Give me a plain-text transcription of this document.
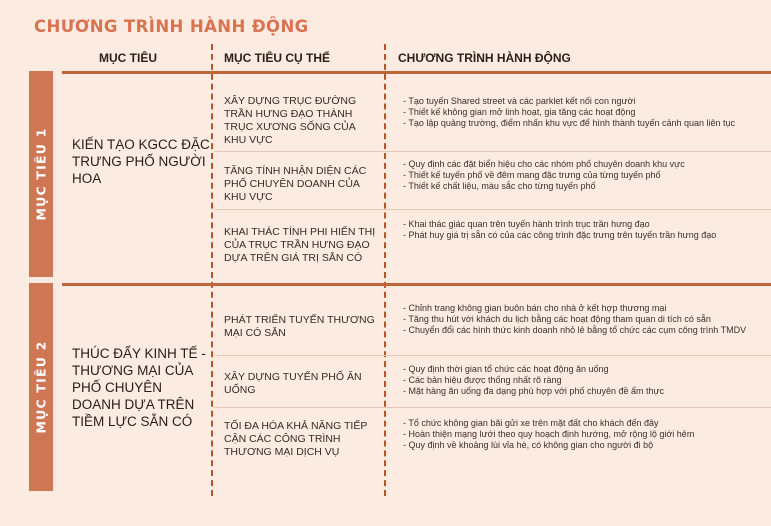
CHƯƠNG TRÌNH HÀNH ĐỘNG
MỤC TIÊU	MỤC TIÊU CỤ THỂ	CHƯƠNG TRÌNH HÀNH ĐỘNG
MỤC TIÊU 1 KIẾN TẠO KGCC ĐẶC TRƯNG PHỐ NGƯỜI HOA
XÂY DỰNG TRỤC ĐƯỜNG TRẦN HƯNG ĐẠO THÀNH TRỤC XƯƠNG SỐNG CỦA KHU VỰC
- Tạo tuyến Shared street và các parklet kết nối con người
- Thiết kế không gian mở linh hoạt, gia tăng các hoạt động
- Tạo lập quảng trường, điểm nhấn khu vực để hình thành tuyến cảnh quan liên tục
TĂNG TÍNH NHẬN DIỆN CÁC PHỐ CHUYÊN DOANH CỦA KHU VỰC
- Quy định các đặt biển hiệu cho các nhóm phố chuyên doanh khu vực
- Thiết kế tuyến phố về đêm mang đặc trưng của từng tuyến phố
- Thiết kế chất liệu, màu sắc cho từng tuyến phố
KHAI THÁC TÍNH PHI HIỂN THỊ CỦA TRỤC TRẦN HƯNG ĐẠO DỰA TRÊN GIÁ TRỊ SẴN CÓ
- Khai thác giác quan trên tuyến hành trình trục trần hưng đạo
- Phát huy giá trị sẵn có của các công trình đặc trưng trên tuyến trần hưng đạo
MỤC TIÊU 2 THÚC ĐẨY KINH TẾ - THƯƠNG MẠI CỦA PHỐ CHUYÊN DOANH DỰA TRÊN TIỀM LỰC SẴN CÓ
PHÁT TRIỂN TUYẾN THƯƠNG MẠI CÓ SẴN
- Chỉnh trang không gian buôn bán cho nhà ở kết hợp thương mại
- Tăng thu hút với khách du lịch bằng các hoạt động tham quan di tích có sẵn
- Chuyển đổi các hình thức kinh doanh nhỏ lẻ bằng tổ chức các cụm công trình TMDV
XÂY DỰNG TUYẾN PHỐ ĂN UỐNG
- Quy định thời gian tổ chức các hoạt động ăn uống
- Các bản hiệu được thống nhất rõ ràng
- Mặt hàng ăn uống đa dạng phù hợp với phố chuyên đề ẩm thực
TỐI ĐA HÓA KHẢ NĂNG TIẾP CẬN CÁC CÔNG TRÌNH THƯƠNG MẠI DỊCH VỤ
- Tổ chức không gian bãi gửi xe trên mặt đất cho khách đến đây
- Hoàn thiện mạng lưới theo quy hoạch định hướng, mở rộng lộ giới hẻm
- Quy định về khoảng lùi vỉa hè, có không gian cho người đi bộ
